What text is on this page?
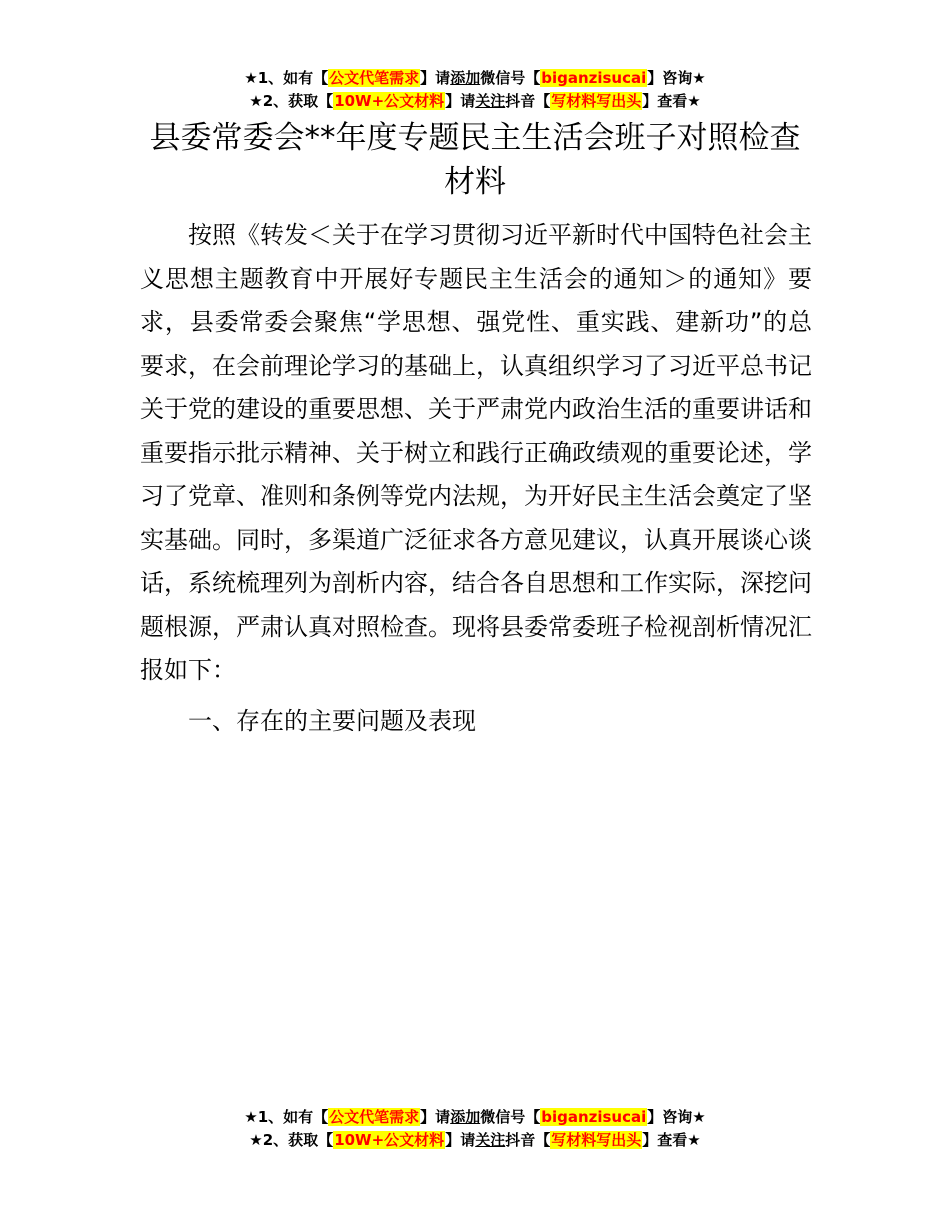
★1、如有【公文代笔需求】请添加微信号【biganzisucai】咨询★
★2、获取【10W+公文材料】请关注抖音【写材料写出头】查看★
县委常委会**年度专题民主生活会班子对照检查材料

按照《转发＜关于在学习贯彻习近平新时代中国特色社会主义思想主题教育中开展好专题民主生活会的通知＞的通知》要求，县委常委会聚焦“学思想、强党性、重实践、建新功”的总要求，在会前理论学习的基础上，认真组织学习了习近平总书记关于党的建设的重要思想、关于严肃党内政治生活的重要讲话和重要指示批示精神、关于树立和践行正确政绩观的重要论述，学习了党章、准则和条例等党内法规，为开好民主生活会奠定了坚实基础。同时，多渠道广泛征求各方意见建议，认真开展谈心谈话，系统梳理列为剖析内容，结合各自思想和工作实际，深挖问题根源，严肃认真对照检查。现将县委常委班子检视剖析情况汇报如下：

一、存在的主要问题及表现

★1、如有【公文代笔需求】请添加微信号【biganzisucai】咨询★
★2、获取【10W+公文材料】请关注抖音【写材料写出头】查看★
